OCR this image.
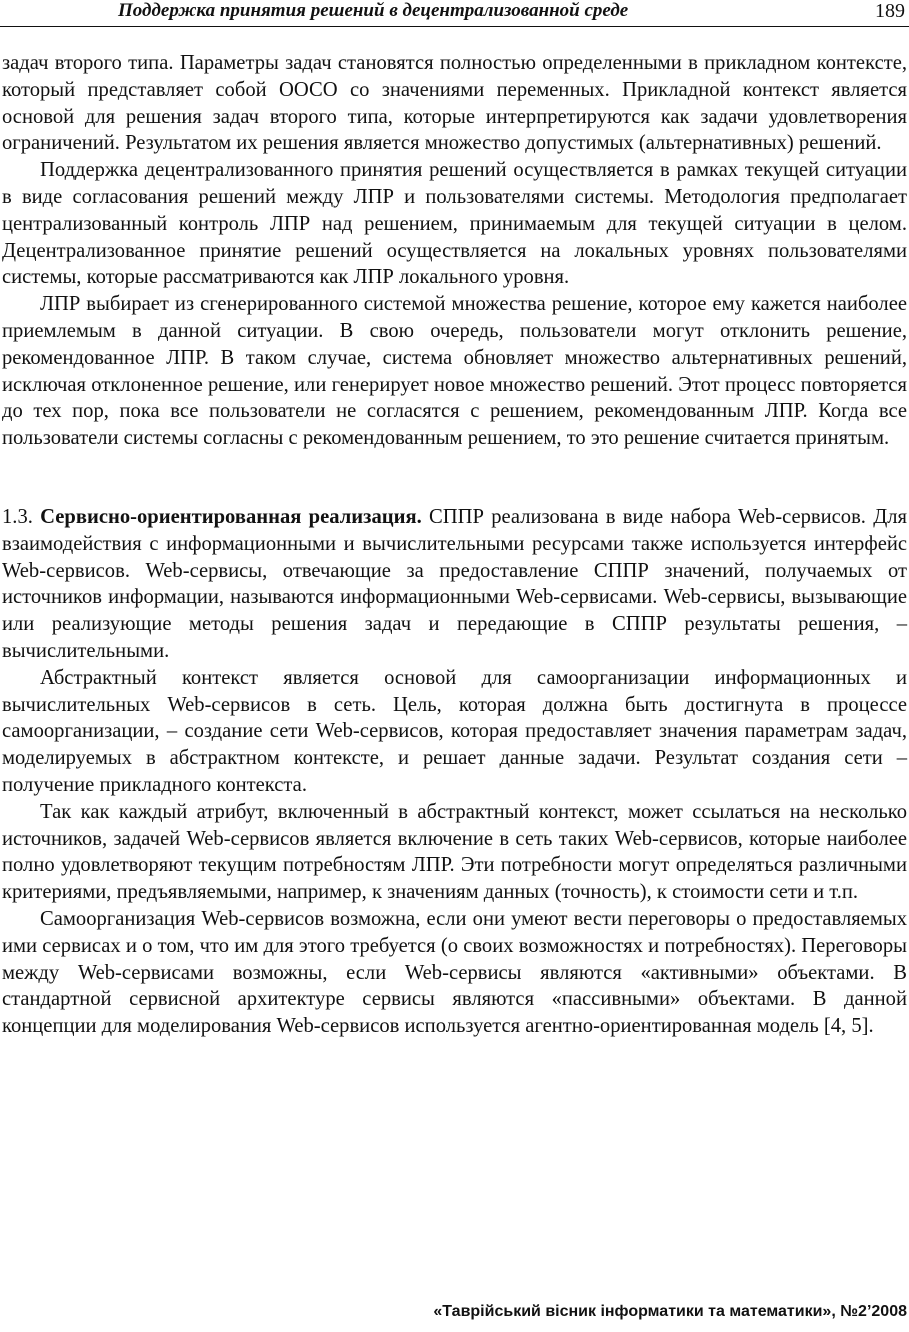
Поддержка принятия решений в децентрализованной среде	189

задач второго типа. Параметры задач становятся полностью определенными в прикладном контексте, который представляет собой ООСО со значениями переменных. Прикладной контекст является основой для решения задач второго типа, которые интерпретируются как задачи удовлетворения ограничений. Результатом их решения является множество допустимых (альтернативных) решений.

Поддержка децентрализованного принятия решений осуществляется в рамках текущей ситуации в виде согласования решений между ЛПР и пользователями системы. Методология предполагает централизованный контроль ЛПР над решением, принимаемым для текущей ситуации в целом. Децентрализованное принятие решений осуществляется на локальных уровнях пользователями системы, которые рассматриваются как ЛПР локального уровня.

ЛПР выбирает из сгенерированного системой множества решение, которое ему кажется наиболее приемлемым в данной ситуации. В свою очередь, пользователи могут отклонить решение, рекомендованное ЛПР. В таком случае, система обновляет множество альтернативных решений, исключая отклоненное решение, или генерирует новое множество решений. Этот процесс повторяется до тех пор, пока все пользователи не согласятся с решением, рекомендованным ЛПР. Когда все пользователи системы согласны с рекомендованным решением, то это решение считается принятым.

1.3. Сервисно-ориентированная реализация. СППР реализована в виде набора Web-сервисов. Для взаимодействия с информационными и вычислительными ресурсами также используется интерфейс Web-сервисов. Web-сервисы, отвечающие за предоставление СППР значений, получаемых от источников информации, называются информационными Web-сервисами. Web-сервисы, вызывающие или реализующие методы решения задач и передающие в СППР результаты решения, – вычислительными.

Абстрактный контекст является основой для самоорганизации информационных и вычислительных Web-сервисов в сеть. Цель, которая должна быть достигнута в процессе самоорганизации, – создание сети Web-сервисов, которая предоставляет значения параметрам задач, моделируемых в абстрактном контексте, и решает данные задачи. Результат создания сети – получение прикладного контекста.

Так как каждый атрибут, включенный в абстрактный контекст, может ссылаться на несколько источников, задачей Web-сервисов является включение в сеть таких Web-сервисов, которые наиболее полно удовлетворяют текущим потребностям ЛПР. Эти потребности могут определяться различными критериями, предъявляемыми, например, к значениям данных (точность), к стоимости сети и т.п.

Самоорганизация Web-сервисов возможна, если они умеют вести переговоры о предоставляемых ими сервисах и о том, что им для этого требуется (о своих возможностях и потребностях). Переговоры между Web-сервисами возможны, если Web-сервисы являются «активными» объектами. В стандартной сервисной архитектуре сервисы являются «пассивными» объектами. В данной концепции для моделирования Web-сервисов используется агентно-ориентированная модель [4, 5].

«Таврійський вісник інформатики та математики», №2’2008
